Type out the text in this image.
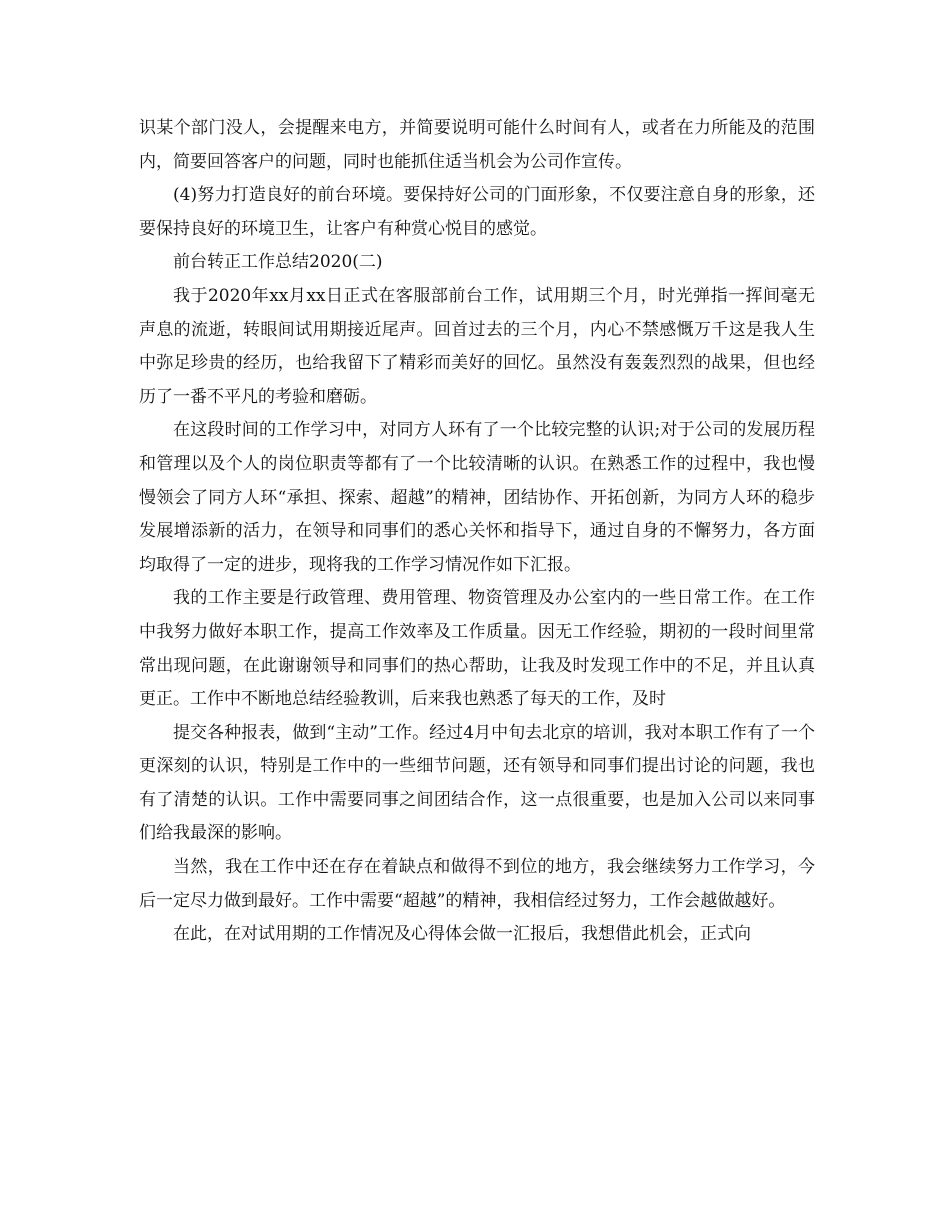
识某个部门没人，会提醒来电方，并简要说明可能什么时间有人，或者在力所能及的范围内，简要回答客户的问题，同时也能抓住适当机会为公司作宣传。

(4)努力打造良好的前台环境。要保持好公司的门面形象，不仅要注意自身的形象，还要保持良好的环境卫生，让客户有种赏心悦目的感觉。

前台转正工作总结2020(二)

我于2020年xx月xx日正式在客服部前台工作，试用期三个月，时光弹指一挥间毫无声息的流逝，转眼间试用期接近尾声。回首过去的三个月，内心不禁感慨万千这是我人生中弥足珍贵的经历，也给我留下了精彩而美好的回忆。虽然没有轰轰烈烈的战果，但也经历了一番不平凡的考验和磨砺。

在这段时间的工作学习中，对同方人环有了一个比较完整的认识;对于公司的发展历程和管理以及个人的岗位职责等都有了一个比较清晰的认识。在熟悉工作的过程中，我也慢慢领会了同方人环“承担、探索、超越”的精神，团结协作、开拓创新，为同方人环的稳步发展增添新的活力，在领导和同事们的悉心关怀和指导下，通过自身的不懈努力，各方面均取得了一定的进步，现将我的工作学习情况作如下汇报。

我的工作主要是行政管理、费用管理、物资管理及办公室内的一些日常工作。在工作中我努力做好本职工作，提高工作效率及工作质量。因无工作经验，期初的一段时间里常常出现问题，在此谢谢领导和同事们的热心帮助，让我及时发现工作中的不足，并且认真更正。工作中不断地总结经验教训，后来我也熟悉了每天的工作，及时

提交各种报表，做到“主动”工作。经过4月中旬去北京的培训，我对本职工作有了一个更深刻的认识，特别是工作中的一些细节问题，还有领导和同事们提出讨论的问题，我也有了清楚的认识。工作中需要同事之间团结合作，这一点很重要，也是加入公司以来同事们给我最深的影响。

当然，我在工作中还在存在着缺点和做得不到位的地方，我会继续努力工作学习，今后一定尽力做到最好。工作中需要“超越”的精神，我相信经过努力，工作会越做越好。

在此，在对试用期的工作情况及心得体会做一汇报后，我想借此机会，正式向
